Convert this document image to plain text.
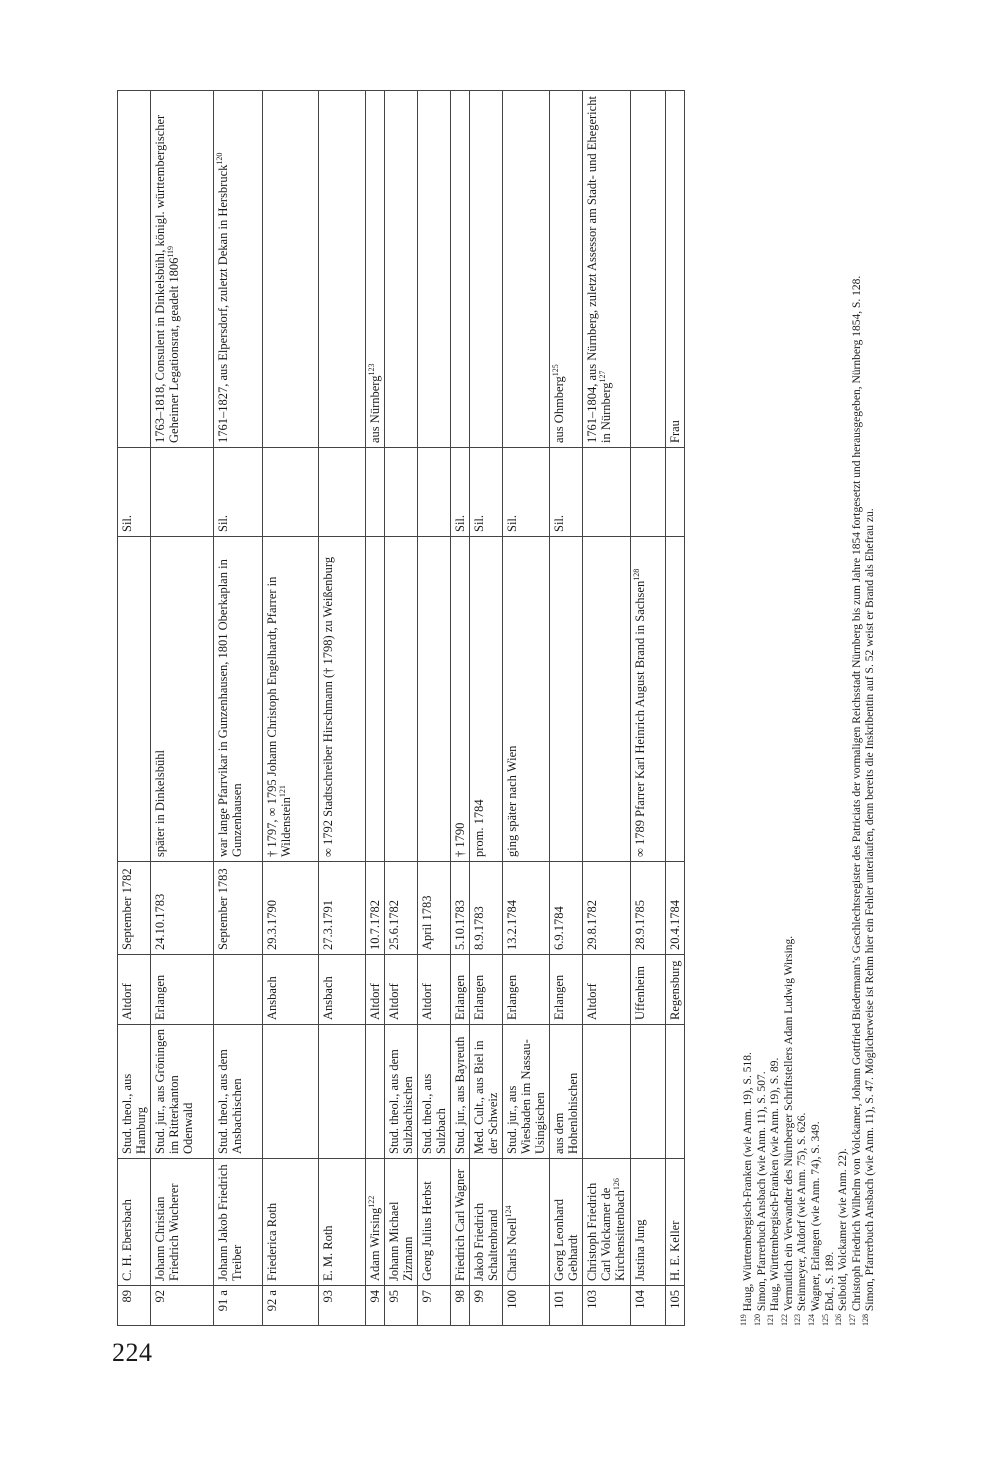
224
89	C. H. Ebersbach	Stud. theol., aus Hamburg	Altdorf	September 1782		Sil.	
92	Johann Christian Friedrich Wucherer	Stud. jur., aus Gröningen im Ritterkanton Odenwald	Erlangen	24.10.1783	später in Dinkelsbühl		1763–1818, Consulent in Dinkelsbühl, königl. württembergischer Geheimer Legationsrat, geadelt 1806$^{119}$
91 a	Johann Jakob Friedrich Treiber	Stud. theol., aus dem Ansbachischen		September 1783	war lange Pfarrvikar in Gunzenhausen, 1801 Oberkaplan in Gunzenhausen	Sil.	1761–1827, aus Elpersdorf, zuletzt Dekan in Hersbruck$^{120}$
92 a	Friederica Roth		Ansbach	29.3.1790	† 1797, ∞ 1795 Johann Christoph Engelhardt, Pfarrer in Wildenstein$^{121}$		
93	E. M. Roth		Ansbach	27.3.1791	∞ 1792 Stadtschreiber Hirschmann († 1798) zu Weißenburg		
94	Adam Wirsing$^{122}$		Altdorf	10.7.1782			aus Nürnberg$^{123}$
95	Johann Michael Zizmann	Stud. theol., aus dem Sulzbachischen	Altdorf	25.6.1782			
97	Georg Julius Herbst	Stud. theol., aus Sulzbach	Altdorf	April 1783			
98	Friedrich Carl Wagner	Stud. jur., aus Bayreuth	Erlangen	5.10.1783	† 1790	Sil.	
99	Jakob Friedrich Schaltenbrand	Med. Cult., aus Biel in der Schweiz	Erlangen	8.9.1783	prom. 1784	Sil.	
100	Charls Noell$^{124}$	Stud. jur., aus Wiesbaden im Nassau-Usingischen	Erlangen	13.2.1784	ging später nach Wien	Sil.	
101	Georg Leonhard Gebhardt	aus dem Hohenlohischen	Erlangen	6.9.1784		Sil.	aus Ohmberg$^{125}$
103	Christoph Friedrich Carl Volckamer de Kirchensittenbach$^{126}$		Altdorf	29.8.1782			1761–1804, aus Nürnberg, zuletzt Assessor am Stadt- und Ehegericht in Nürnberg$^{127}$
104	Justina Jung		Uffenheim	28.9.1785	∞ 1789 Pfarrer Karl Heinrich August Brand in Sachsen$^{128}$		
105	H. E. Keller		Regensburg	20.4.1784			Frau
$^{119}$ Haug, Württembergisch-Franken (wie Anm. 19), S. 518.
$^{120}$ Simon, Pfarrerbuch Ansbach (wie Anm. 11), S. 507.
$^{121}$ Haug, Württembergisch-Franken (wie Anm. 19), S. 89.
$^{122}$ Vermutlich ein Verwandter des Nürnberger Schriftstellers Adam Ludwig Wirsing.
$^{123}$ Steinmeyer, Altdorf (wie Anm. 75), S. 626.
$^{124}$ Wagner, Erlangen (wie Anm. 74), S. 349.
$^{125}$ Ebd., S. 189.
$^{126}$ Seibold, Volckamer (wie Anm. 22).
$^{127}$ Christoph Friedrich Wilhelm von Volckamer, Johann Gottfried Biedermann’s Geschlechtsregister des Patriciats der vormaligen Reichsstadt Nürnberg bis zum Jahre 1854 fortgesetzt und herausgegeben, Nürnberg 1854, S. 128.
$^{128}$ Simon, Pfarrerbuch Ansbach (wie Anm. 11), S. 47. Möglicherweise ist Rehm hier ein Fehler unterlaufen, denn bereits die Inskribentin auf S. 52 weist er Brand als Ehefrau zu.
